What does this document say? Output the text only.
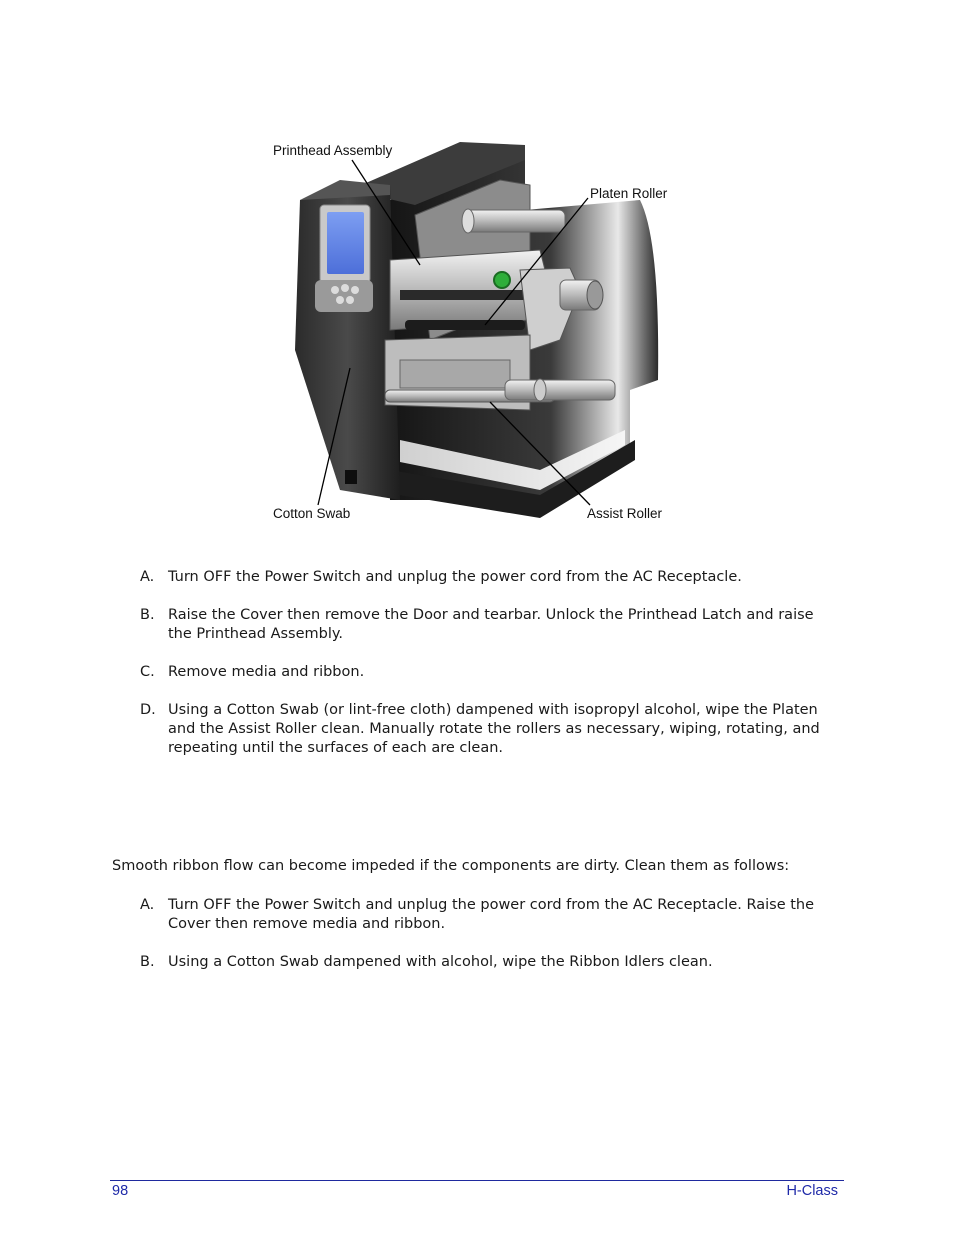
Printhead Assembly
Platen Roller
Cotton Swab	Assist Roller
A. Turn OFF the Power Switch and unplug the power cord from the AC Receptacle.
B. Raise the Cover then remove the Door and tearbar. Unlock the Printhead Latch and raise the Printhead Assembly.
C. Remove media and ribbon.
D. Using a Cotton Swab (or lint-free cloth) dampened with isopropyl alcohol, wipe the Platen and the Assist Roller clean. Manually rotate the rollers as necessary, wiping, rotating, and repeating until the surfaces of each are clean.
Smooth ribbon flow can become impeded if the components are dirty. Clean them as follows:
A. Turn OFF the Power Switch and unplug the power cord from the AC Receptacle. Raise the Cover then remove media and ribbon.
B. Using a Cotton Swab dampened with alcohol, wipe the Ribbon Idlers clean.
98	H-Class
